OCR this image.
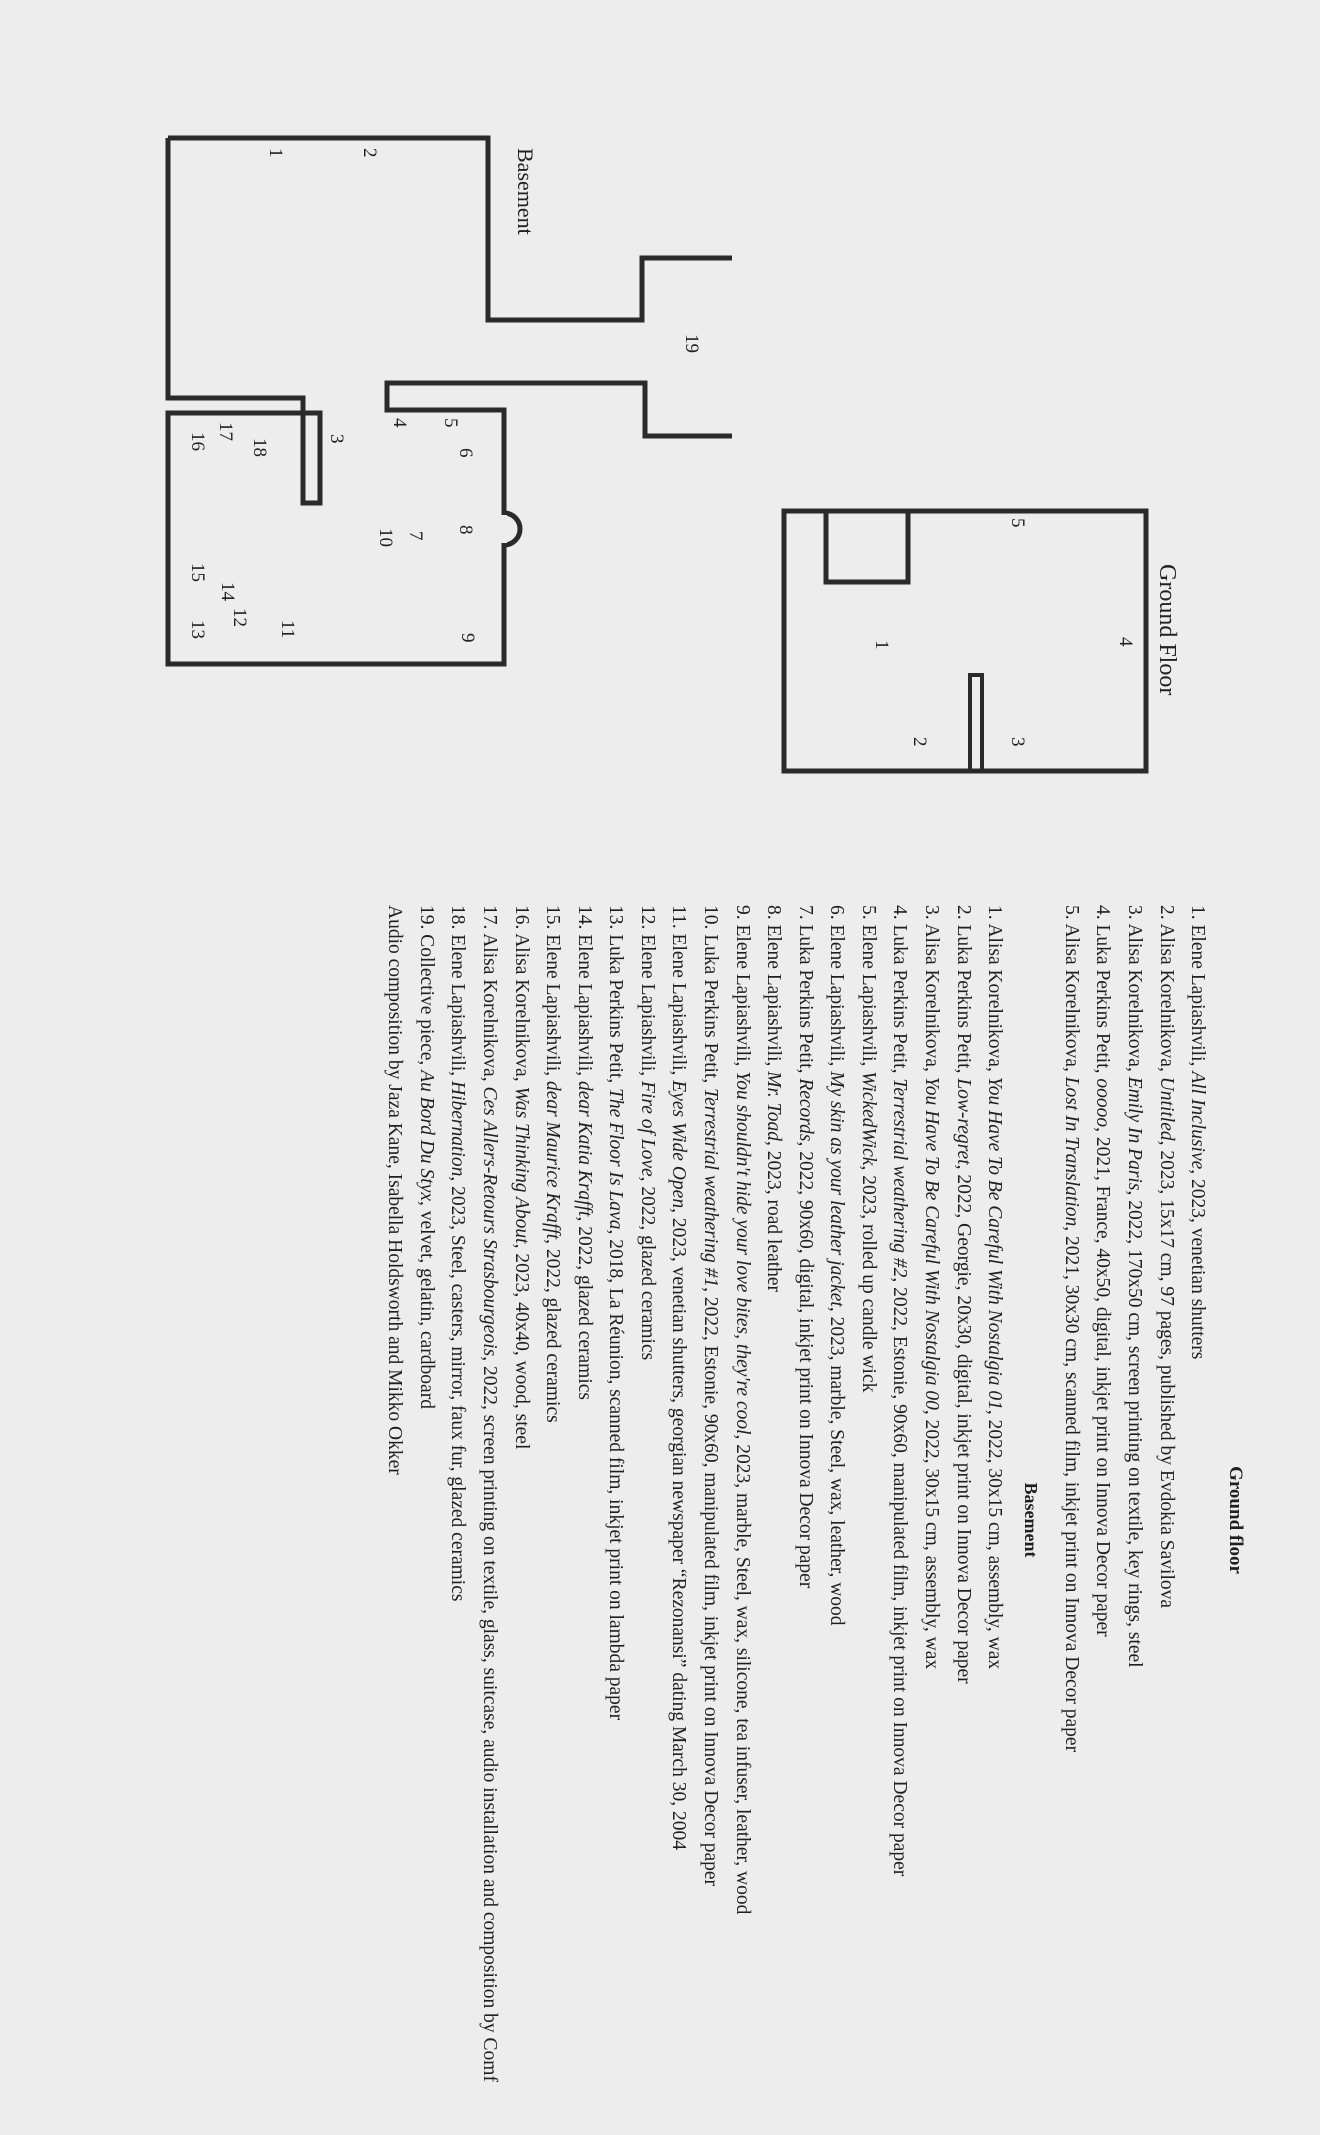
Basement
Ground Floor
1	2
3
4 5
6
7
8
9
10
11
12
13
14
15
16
17
18
19
1
2	3
4
5
Ground floor

1. Elene Lapiashvili, All Inclusive, 2023, venetian shutters

2. Alisa Korelnikova, Untitled, 2023, 15x17 cm, 97 pages, published by Evdokia Savilova

3. Alisa Korelnikova, Emily In Paris, 2022, 170x50 cm, screen printing on textile, key rings, steel

4. Luka Perkins Petit, ooooo, 2021, France, 40x50, digital, inkjet print on Innova Decor paper

5. Alisa Korelnikova, Lost In Translation, 2021, 30x30 cm, scanned film, inkjet print on Innova Decor paper

Basement

1. Alisa Korelnikova, You Have To Be Careful With Nostalgia 01, 2022, 30x15 cm, assembly, wax

2. Luka Perkins Petit, Low-regret, 2022, Georgie, 20x30, digital, inkjet print on Innova Decor paper

3. Alisa Korelnikova, You Have To Be Careful With Nostalgia 00, 2022, 30x15 cm, assembly, wax

4. Luka Perkins Petit, Terrestrial weathering #2, 2022, Estonie, 90x60, manipulated film, inkjet print on Innova Decor paper

5. Elene Lapiashvili, WickedWick, 2023, rolled up candle wick

6. Elene Lapiashvili, My skin as your leather jacket, 2023, marble, Steel, wax, leather, wood

7. Luka Perkins Petit, Records, 2022, 90x60, digital, inkjet print on Innova Decor paper

8. Elene Lapiashvili, Mr. Toad, 2023, road leather

9. Elene Lapiashvili, You shouldn't hide your love bites, they're cool, 2023, marble, Steel, wax, silicone, tea infuser, leather, wood

10. Luka Perkins Petit, Terrestrial weathering #1, 2022, Estonie, 90x60, manipulated film, inkjet print on Innova Decor paper

11. Elene Lapiashvili, Eyes Wide Open, 2023, venetian shutters, georgian newspaper “Rezonansi” dating March 30, 2004

12. Elene Lapiashvili, Fire of Love, 2022, glazed ceramics

13. Luka Perkins Petit, The Floor Is Lava, 2018, La Réunion, scanned film, inkjet print on lambda paper

14. Elene Lapiashvili, dear Katia Krafft, 2022, glazed ceramics

15. Elene Lapiashvili, dear Maurice Krafft, 2022, glazed ceramics

16. Alisa Korelnikova, Was Thinking About, 2023, 40x40, wood, steel

17. Alisa Korelnikova, Ces Allers-Retours Strasbourgeois, 2022, screen printing on textile, glass, suitcase, audio installation and composition by Comf

18. Elene Lapiashvili, Hibernation, 2023, Steel, casters, mirror, faux fur, glazed ceramics

19. Collective piece, Au Bord Du Styx, velvet, gelatin, cardboard

Audio composition by Jaza Kane, Isabella Holdsworth and Mikko Okker
